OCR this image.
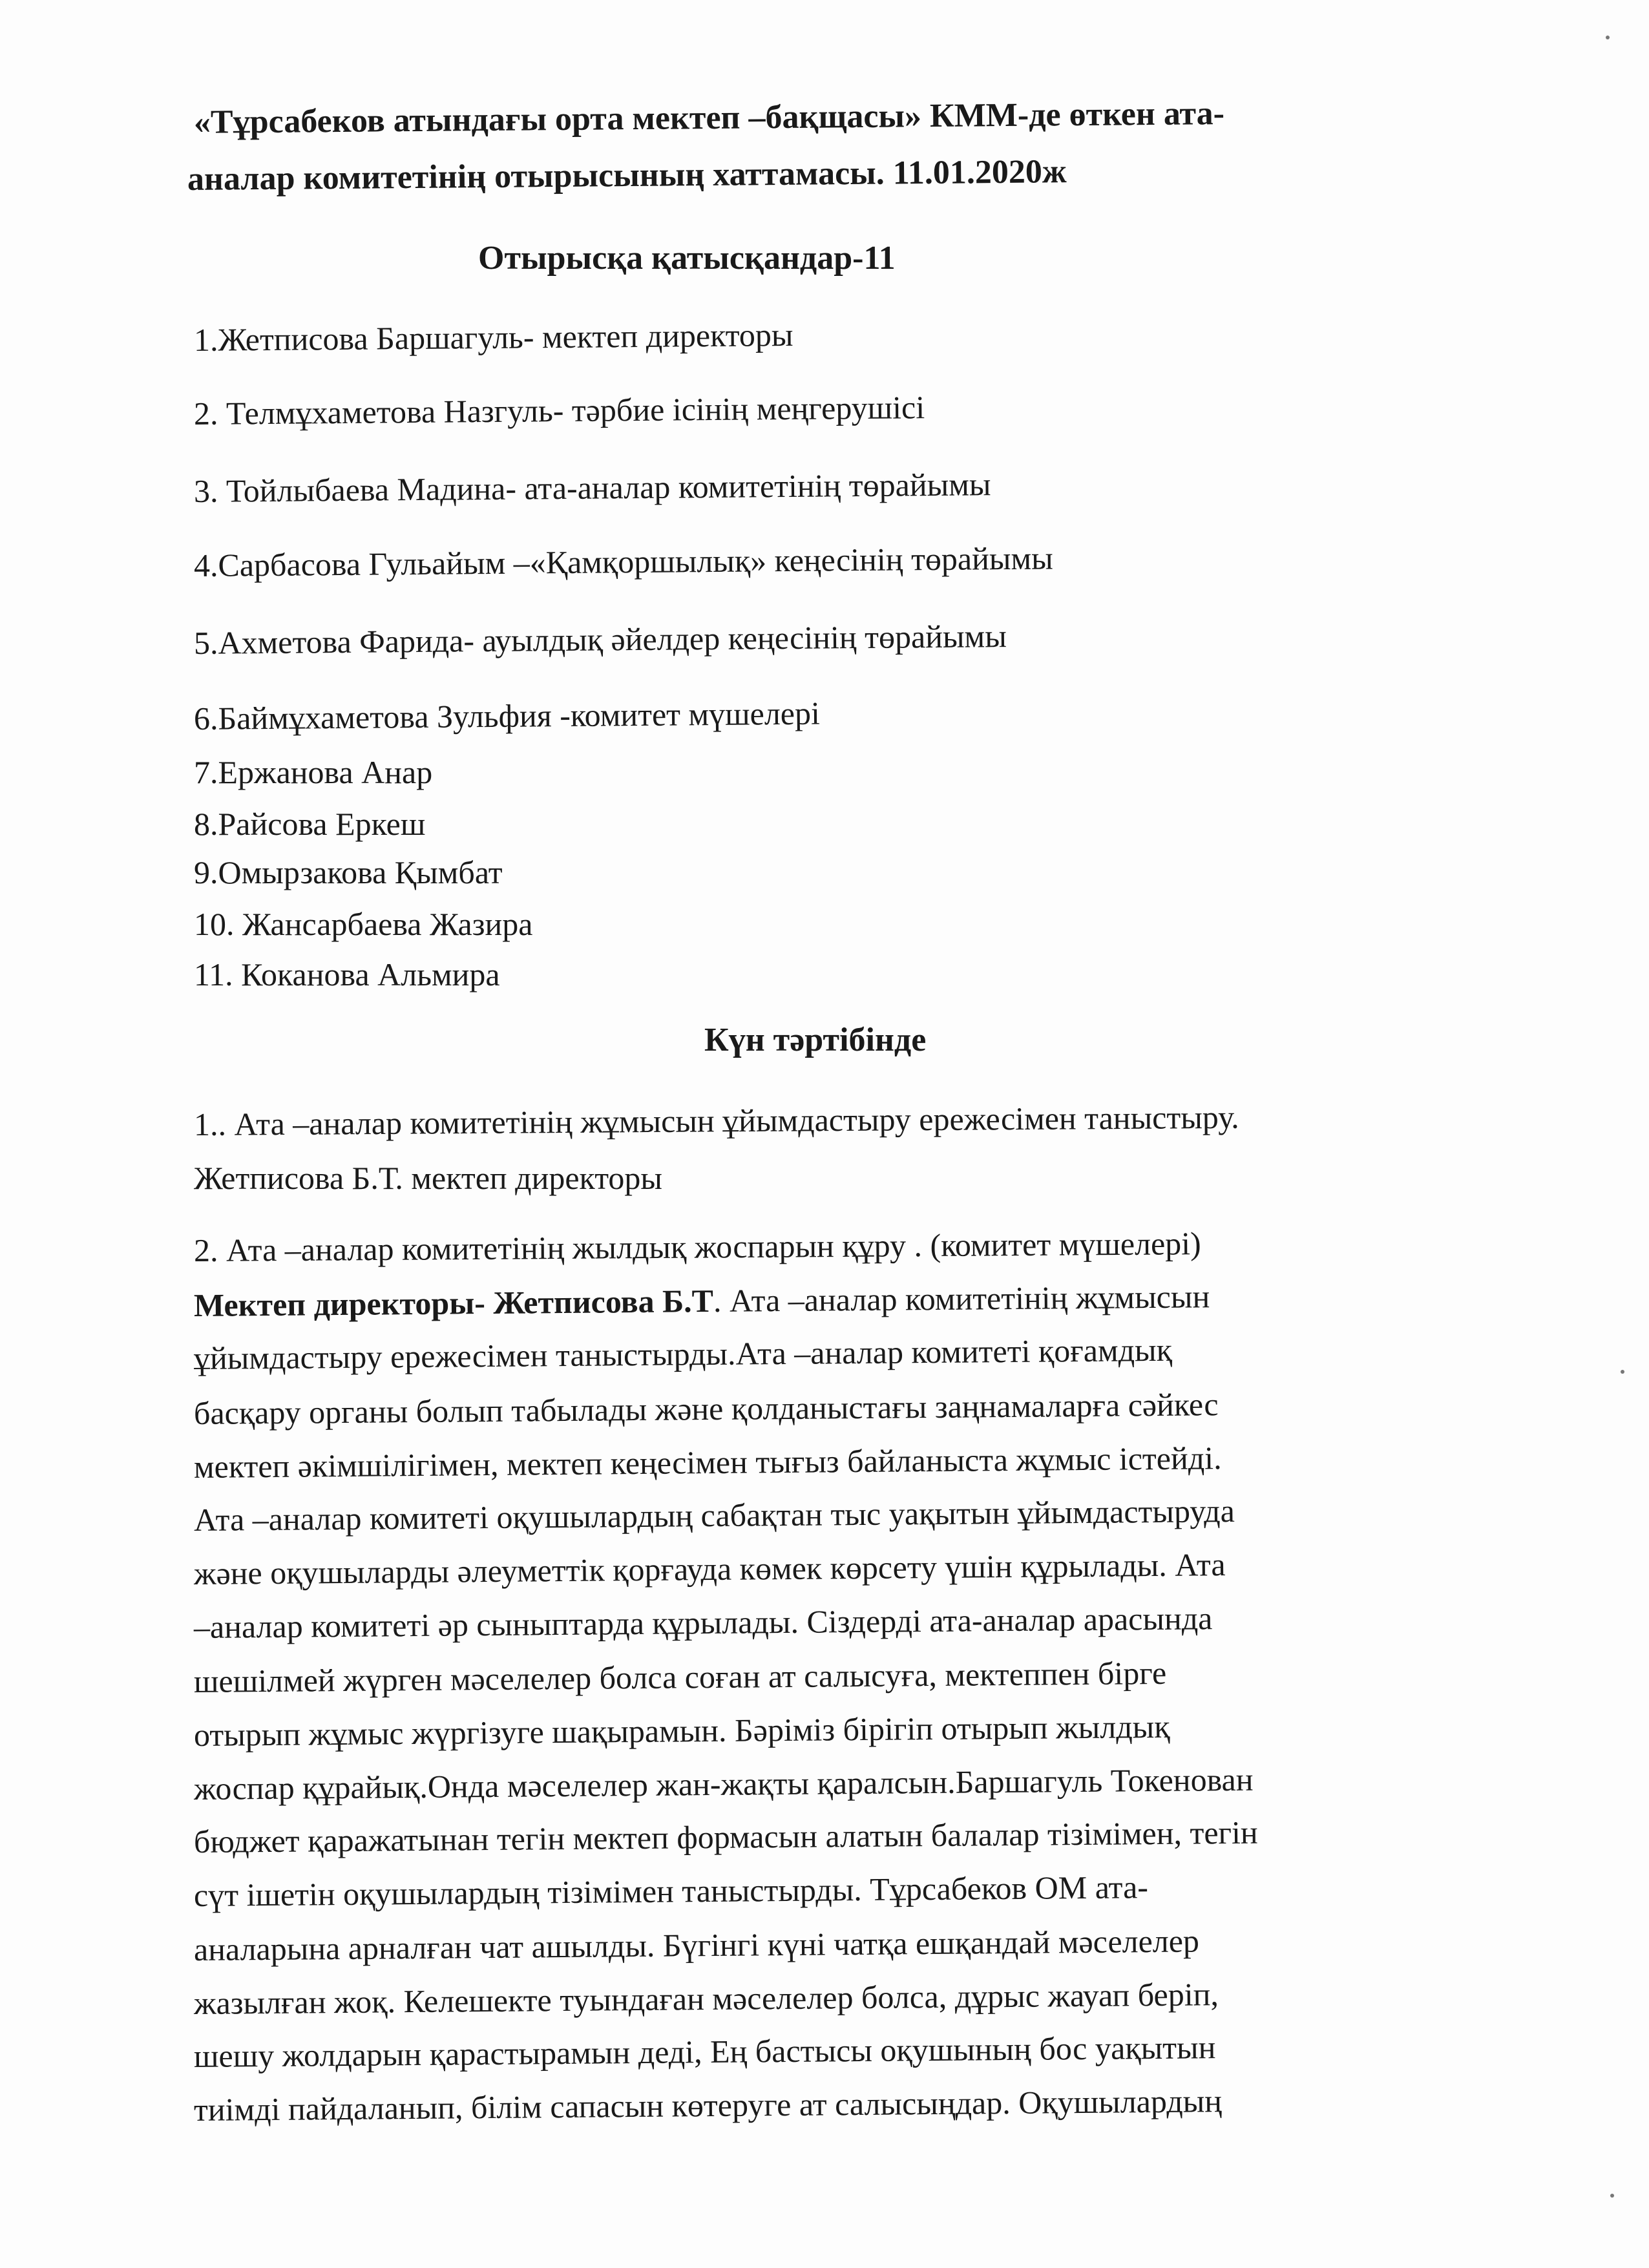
«Тұрсабеков атындағы орта мектеп –бақщасы» КММ-де өткен ата-
аналар комитетінің отырысының хаттамасы. 11.01.2020ж
Отырысқа қатысқандар-11
1.Жетписова Баршагуль- мектеп директоры
2. Телмұхаметова Назгуль- тәрбие ісінің меңгерушісі
3. Тойлыбаева Мадина- ата-аналар комитетінің төрайымы
4.Сарбасова Гульайым –«Қамқоршылық» кеңесінің төрайымы
5.Ахметова Фарида- ауылдық әйелдер кеңесінің төрайымы
6.Баймұхаметова Зульфия -комитет мүшелері
7.Ержанова Анар
8.Райсова Еркеш
9.Омырзакова Қымбат
10. Жансарбаева Жазира
11. Коканова Альмира
Күн тәртібінде
1.. Ата –аналар комитетінің жұмысын ұйымдастыру ережесімен таныстыру.
Жетписова Б.Т. мектеп директоры
2. Ата –аналар комитетінің жылдық жоспарын құру . (комитет мүшелері)
Мектеп директоры- Жетписова Б.Т. Ата –аналар комитетінің жұмысын
ұйымдастыру ережесімен таныстырды.Ата –аналар комитеті қоғамдық
басқару органы болып табылады және қолданыстағы заңнамаларға сәйкес
мектеп әкімшілігімен, мектеп кеңесімен тығыз байланыста жұмыс істейді.
Ата –аналар комитеті оқушылардың сабақтан тыс уақытын ұйымдастыруда
және оқушыларды әлеуметтік қорғауда көмек көрсету үшін құрылады. Ата
–аналар комитеті әр сыныптарда құрылады. Сіздерді ата-аналар арасында
шешілмей жүрген мәселелер болса соған ат салысуға, мектеппен бірге
отырып жұмыс жүргізуге шақырамын. Бәріміз бірігіп отырып жылдық
жоспар құрайық.Онда мәселелер жан-жақты қаралсын.Баршагуль Токенован
бюджет қаражатынан тегін мектеп формасын алатын балалар тізімімен, тегін
сүт ішетін оқушылардың тізімімен таныстырды. Тұрсабеков ОМ ата-
аналарына арналған чат ашылды. Бүгінгі күні чатқа ешқандай мәселелер
жазылған жоқ. Келешекте туындаған мәселелер болса, дұрыс жауап беріп,
шешу жолдарын қарастырамын деді, Ең бастысы оқушының бос уақытын
тиімді пайдаланып, білім сапасын көтеруге ат салысыңдар. Оқушылардың
